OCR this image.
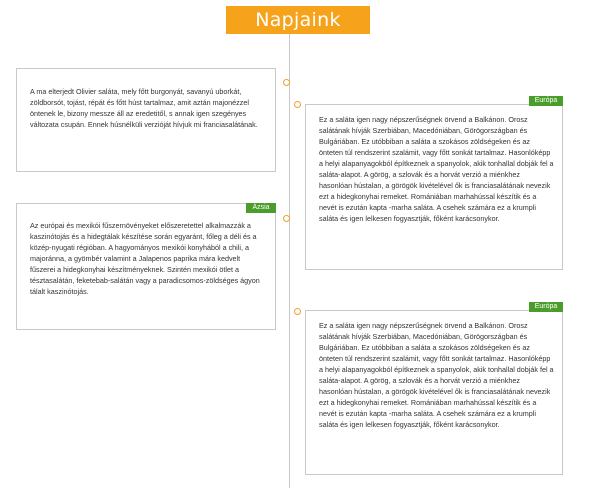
Napjaink
A ma elterjedt Olivier saláta, mely főtt burgonyát, savanyú uborkát, zöldborsót, tojást, répát és főtt húst tartalmaz, amit aztán majonézzel öntenek le, bizony messze áll az eredetitől, s annak igen szegényes változata csupán. Ennek húsnélküli verzióját hívjuk mi franciasalátának.
Európa
Ez a saláta igen nagy népszerűségnek örvend a Balkánon. Orosz salátának hívják Szerbiában, Macedóniában, Görögországban és Bulgáriában. Ez utóbbiban a saláta a szokásos zöldségeken és az önteten túl rendszerint szalámit, vagy főtt sonkát tartalmaz. Hasonlóképp a helyi alapanyagokból építkeznek a spanyolok, akik tonhallal dobják fel a saláta-alapot. A görög, a szlovák és a horvát verzió a miénkhez hasonlóan hústalan, a görögök kivételével ők is franciasalátának nevezik ezt a hidegkonyhai remeket. Romániában marhahússal készítik és a nevét is ezután kapta -marha saláta. A csehek számára ez a krumpli saláta és igen lelkesen fogyasztják, főként karácsonykor.
Ázsia
Az európai és mexikói fűszernövényeket előszeretettel alkalmazzák a kaszinótojás és a hidegtálak készítése során egyaránt, főleg a déli és a közép-nyugati régióban. A hagyományos mexikói konyhából a chili, a majoránna, a gyömbér valamint a Jalapenos paprika mára kedvelt fűszerei a hidegkonyhai készítményeknek. Szintén mexikói ötlet a tésztasalátán, feketebab-salátán vagy a paradicsomos-zöldséges ágyon tálalt kaszinótojás.
Európa
Ez a saláta igen nagy népszerűségnek örvend a Balkánon. Orosz salátának hívják Szerbiában, Macedóniában, Görögországban és Bulgáriában. Ez utóbbiban a saláta a szokásos zöldségeken és az önteten túl rendszerint szalámit, vagy főtt sonkát tartalmaz. Hasonlóképp a helyi alapanyagokból építkeznek a spanyolok, akik tonhallal dobják fel a saláta-alapot. A görög, a szlovák és a horvát verzió a miénkhez hasonlóan hústalan, a görögök kivételével ők is franciasalátának nevezik ezt a hidegkonyhai remeket. Romániában marhahússal készítik és a nevét is ezután kapta -marha saláta. A csehek számára ez a krumpli saláta és igen lelkesen fogyasztják, főként karácsonykor.
